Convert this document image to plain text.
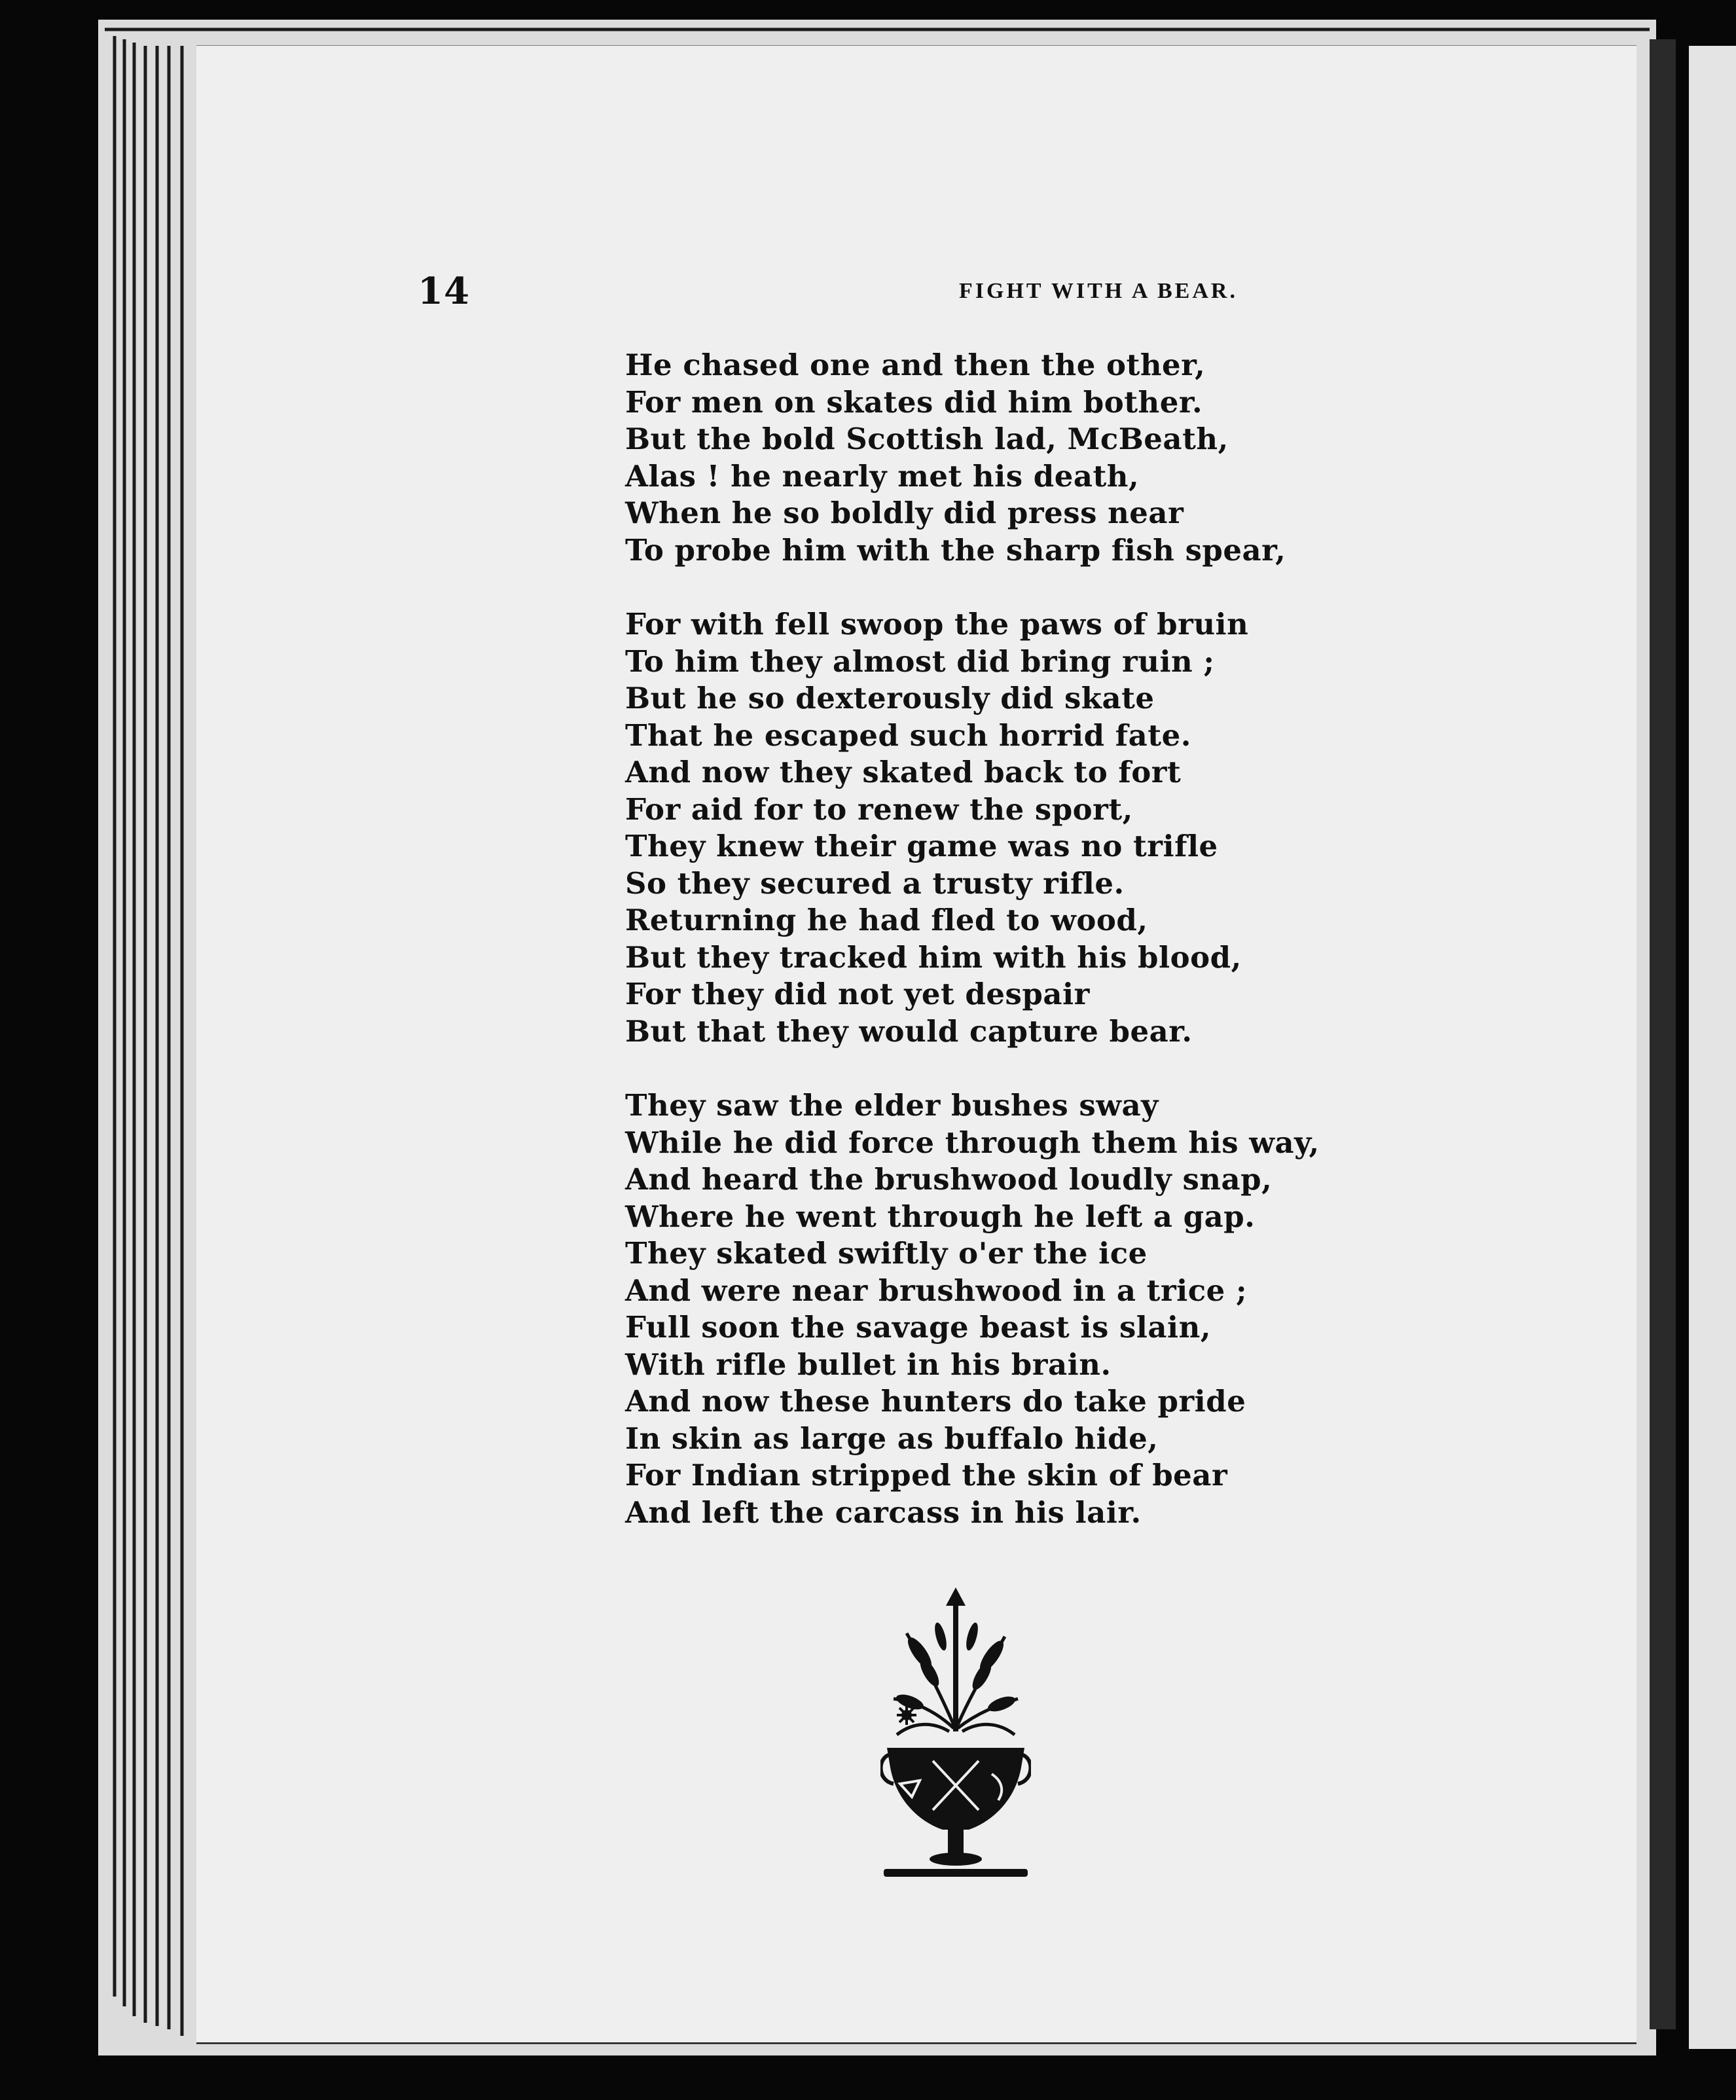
14	FIGHT WITH A BEAR.
He chased one and then the other,
For men on skates did him bother.
But the bold Scottish lad, McBeath,
Alas ! he nearly met his death,
When he so boldly did press near
To probe him with the sharp fish spear,
For with fell swoop the paws of bruin
To him they almost did bring ruin ;
But he so dexterously did skate
That he escaped such horrid fate.
And now they skated back to fort
For aid for to renew the sport,
They knew their game was no trifle
So they secured a trusty rifle.
Returning he had fled to wood,
But they tracked him with his blood,
For they did not yet despair
But that they would capture bear.
They saw the elder bushes sway
While he did force through them his way,
And heard the brushwood loudly snap,
Where he went through he left a gap.
They skated swiftly o'er the ice
And were near brushwood in a trice ;
Full soon the savage beast is slain,
With rifle bullet in his brain.
And now these hunters do take pride
In skin as large as buffalo hide,
For Indian stripped the skin of bear
And left the carcass in his lair.
